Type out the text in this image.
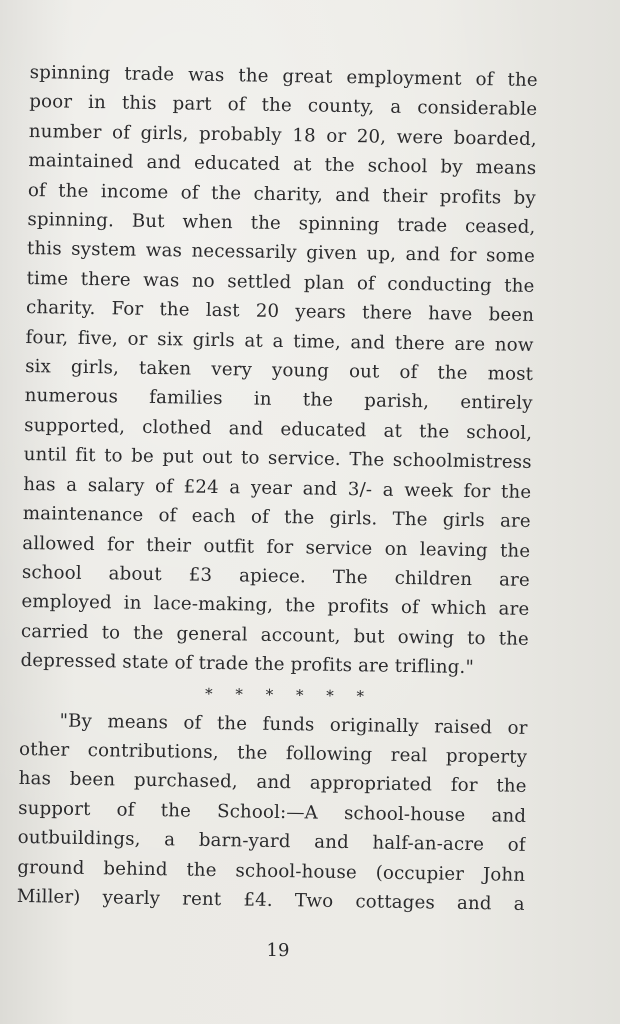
spinning trade was the great employment of the
poor in this part of the county, a considerable
number of girls, probably 18 or 20, were boarded,
maintained and educated at the school by means
of the income of the charity, and their profits by
spinning. But when the spinning trade ceased,
this system was necessarily given up, and for some
time there was no settled plan of conducting the
charity. For the last 20 years there have been
four, five, or six girls at a time, and there are now
six girls, taken very young out of the most
numerous families in the parish, entirely
supported, clothed and educated at the school,
until fit to be put out to service. The schoolmistress
has a salary of £24 a year and 3/- a week for the
maintenance of each of the girls. The girls are
allowed for their outfit for service on leaving the
school about £3 apiece. The children are
employed in lace-making, the profits of which are
carried to the general account, but owing to the
depressed state of trade the profits are trifling."
* * * * * *
"By means of the funds originally raised or
other contributions, the following real property
has been purchased, and appropriated for the
support of the School:—A school-house and
outbuildings, a barn-yard and half-an-acre of
ground behind the school-house (occupier John
Miller) yearly rent £4. Two cottages and a
19
